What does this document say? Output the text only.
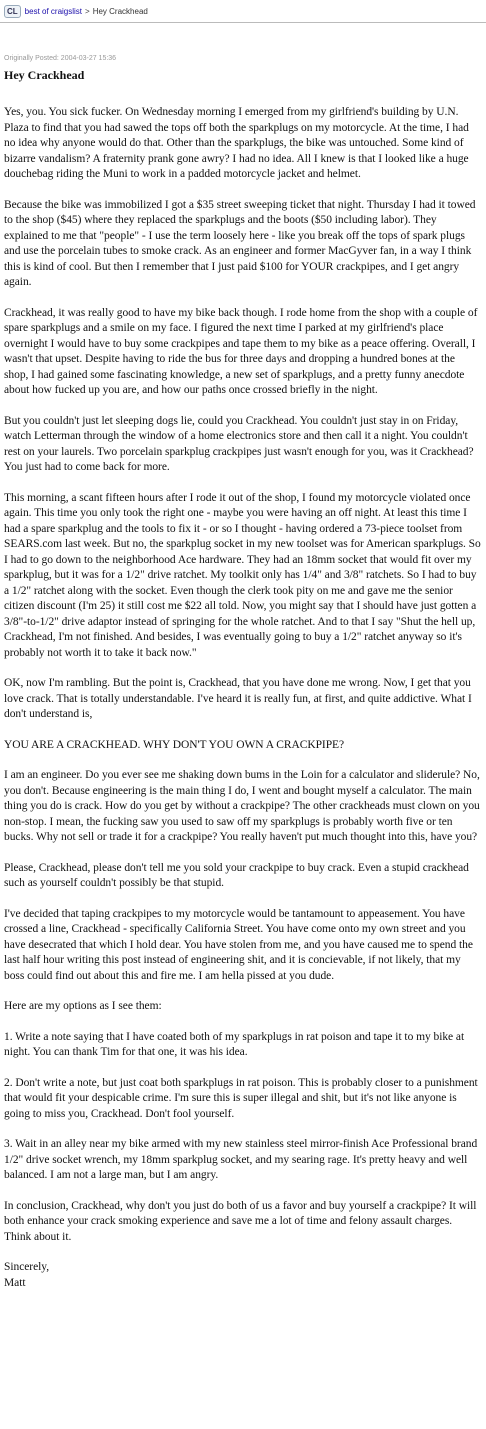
CL best of craigslist > Hey Crackhead
Originally Posted: 2004-03-27 15:36
Hey Crackhead

Yes, you. You sick fucker. On Wednesday morning I emerged from my girlfriend's building by U.N. Plaza to find that you had sawed the tops off both the sparkplugs on my motorcycle. At the time, I had no idea why anyone would do that. Other than the sparkplugs, the bike was untouched. Some kind of bizarre vandalism? A fraternity prank gone awry? I had no idea. All I knew is that I looked like a huge douchebag riding the Muni to work in a padded motorcycle jacket and helmet.

Because the bike was immobilized I got a $35 street sweeping ticket that night. Thursday I had it towed to the shop ($45) where they replaced the sparkplugs and the boots ($50 including labor). They explained to me that "people" - I use the term loosely here - like you break off the tops of spark plugs and use the porcelain tubes to smoke crack. As an engineer and former MacGyver fan, in a way I think this is kind of cool. But then I remember that I just paid $100 for YOUR crackpipes, and I get angry again.

Crackhead, it was really good to have my bike back though. I rode home from the shop with a couple of spare sparkplugs and a smile on my face. I figured the next time I parked at my girlfriend's place overnight I would have to buy some crackpipes and tape them to my bike as a peace offering. Overall, I wasn't that upset. Despite having to ride the bus for three days and dropping a hundred bones at the shop, I had gained some fascinating knowledge, a new set of sparkplugs, and a pretty funny anecdote about how fucked up you are, and how our paths once crossed briefly in the night.

But you couldn't just let sleeping dogs lie, could you Crackhead. You couldn't just stay in on Friday, watch Letterman through the window of a home electronics store and then call it a night. You couldn't rest on your laurels. Two porcelain sparkplug crackpipes just wasn't enough for you, was it Crackhead? You just had to come back for more.

This morning, a scant fifteen hours after I rode it out of the shop, I found my motorcycle violated once again. This time you only took the right one - maybe you were having an off night. At least this time I had a spare sparkplug and the tools to fix it - or so I thought - having ordered a 73-piece toolset from SEARS.com last week. But no, the sparkplug socket in my new toolset was for American sparkplugs. So I had to go down to the neighborhood Ace hardware. They had an 18mm socket that would fit over my sparkplug, but it was for a 1/2" drive ratchet. My toolkit only has 1/4" and 3/8" ratchets. So I had to buy a 1/2" ratchet along with the socket. Even though the clerk took pity on me and gave me the senior citizen discount (I'm 25) it still cost me $22 all told. Now, you might say that I should have just gotten a 3/8"-to-1/2" drive adaptor instead of springing for the whole ratchet. And to that I say "Shut the hell up, Crackhead, I'm not finished. And besides, I was eventually going to buy a 1/2" ratchet anyway so it's probably not worth it to take it back now."

OK, now I'm rambling. But the point is, Crackhead, that you have done me wrong. Now, I get that you love crack. That is totally understandable. I've heard it is really fun, at first, and quite addictive. What I don't understand is,

YOU ARE A CRACKHEAD. WHY DON'T YOU OWN A CRACKPIPE?

I am an engineer. Do you ever see me shaking down bums in the Loin for a calculator and sliderule? No, you don't. Because engineering is the main thing I do, I went and bought myself a calculator. The main thing you do is crack. How do you get by without a crackpipe? The other crackheads must clown on you non-stop. I mean, the fucking saw you used to saw off my sparkplugs is probably worth five or ten bucks. Why not sell or trade it for a crackpipe? You really haven't put much thought into this, have you?

Please, Crackhead, please don't tell me you sold your crackpipe to buy crack. Even a stupid crackhead such as yourself couldn't possibly be that stupid.

I've decided that taping crackpipes to my motorcycle would be tantamount to appeasement. You have crossed a line, Crackhead - specifically California Street. You have come onto my own street and you have desecrated that which I hold dear. You have stolen from me, and you have caused me to spend the last half hour writing this post instead of engineering shit, and it is concievable, if not likely, that my boss could find out about this and fire me. I am hella pissed at you dude.

Here are my options as I see them:

1. Write a note saying that I have coated both of my sparkplugs in rat poison and tape it to my bike at night. You can thank Tim for that one, it was his idea.

2. Don't write a note, but just coat both sparkplugs in rat poison. This is probably closer to a punishment that would fit your despicable crime. I'm sure this is super illegal and shit, but it's not like anyone is going to miss you, Crackhead. Don't fool yourself.

3. Wait in an alley near my bike armed with my new stainless steel mirror-finish Ace Professional brand 1/2" drive socket wrench, my 18mm sparkplug socket, and my searing rage. It's pretty heavy and well balanced. I am not a large man, but I am angry.

In conclusion, Crackhead, why don't you just do both of us a favor and buy yourself a crackpipe? It will both enhance your crack smoking experience and save me a lot of time and felony assault charges. Think about it.

Sincerely,
Matt
